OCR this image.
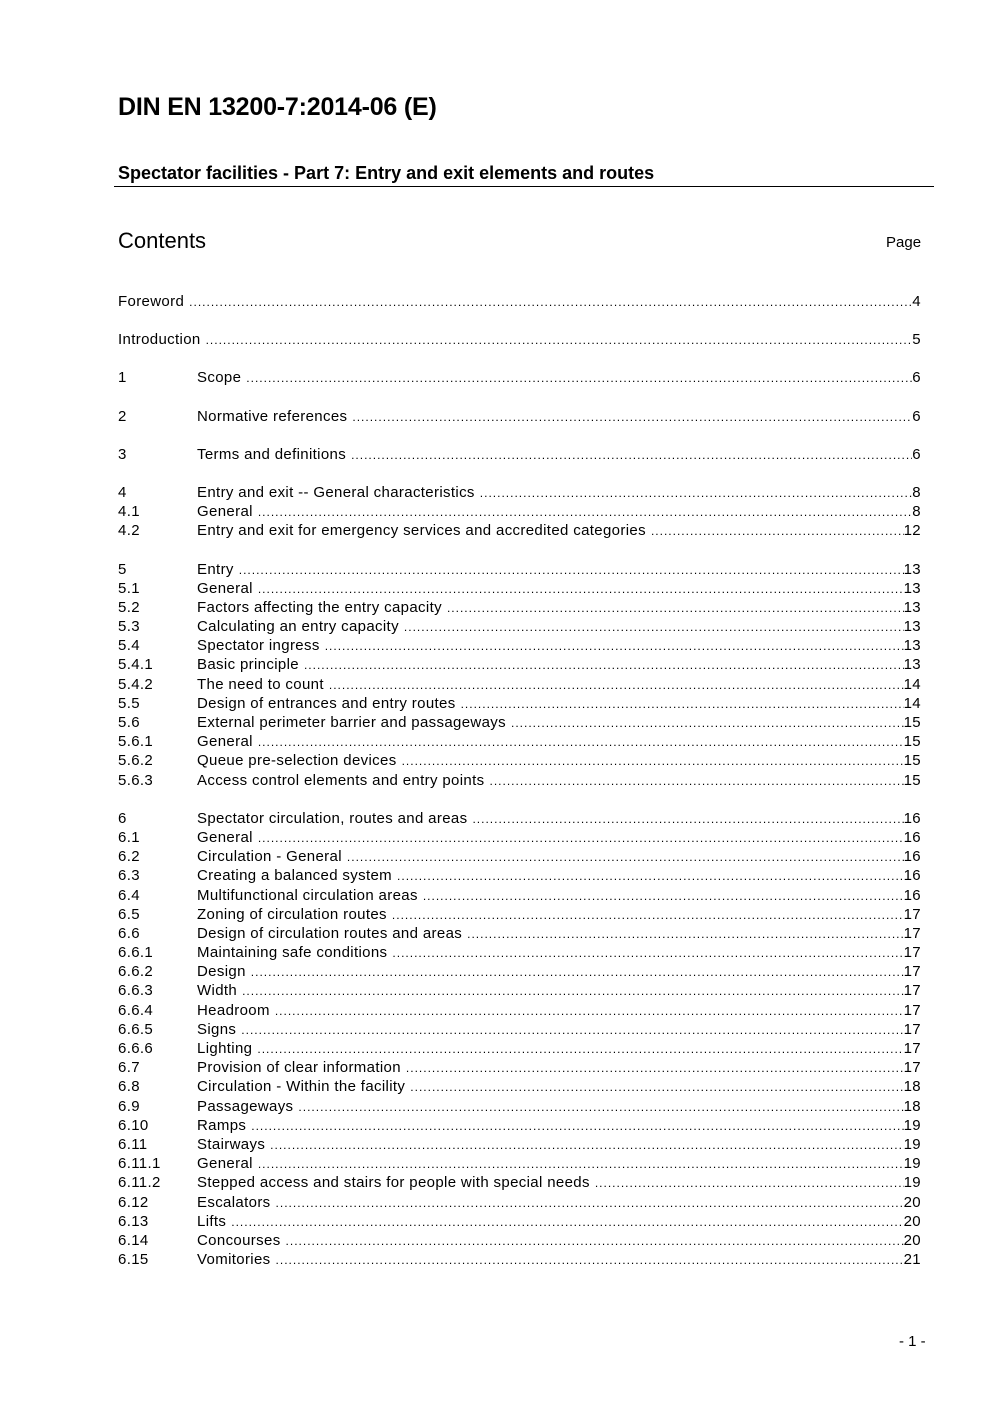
DIN EN 13200-7:2014-06 (E)
Spectator facilities - Part 7: Entry and exit elements and routes
Contents	Page
Foreword .....	4
Introduction .....	5
1	Scope .....	6
2	Normative references .....	6
3	Terms and definitions .....	6
4	Entry and exit -- General characteristics .....	8
4.1	General .....	8
4.2	Entry and exit for emergency services and accredited categories .....	12
5	Entry .....	13
5.1	General .....	13
5.2	Factors affecting the entry capacity .....	13
5.3	Calculating an entry capacity .....	13
5.4	Spectator ingress .....	13
5.4.1	Basic principle .....	13
5.4.2	The need to count .....	14
5.5	Design of entrances and entry routes .....	14
5.6	External perimeter barrier and passageways .....	15
5.6.1	General .....	15
5.6.2	Queue pre-selection devices .....	15
5.6.3	Access control elements and entry points .....	15
6	Spectator circulation, routes and areas .....	16
6.1	General .....	16
6.2	Circulation - General .....	16
6.3	Creating a balanced system .....	16
6.4	Multifunctional circulation areas .....	16
6.5	Zoning of circulation routes .....	17
6.6	Design of circulation routes and areas .....	17
6.6.1	Maintaining safe conditions .....	17
6.6.2	Design .....	17
6.6.3	Width .....	17
6.6.4	Headroom .....	17
6.6.5	Signs .....	17
6.6.6	Lighting .....	17
6.7	Provision of clear information .....	17
6.8	Circulation - Within the facility .....	18
6.9	Passageways .....	18
6.10	Ramps .....	19
6.11	Stairways .....	19
6.11.1	General .....	19
6.11.2	Stepped access and stairs for people with special needs .....	19
6.12	Escalators .....	20
6.13	Lifts .....	20
6.14	Concourses .....	20
6.15	Vomitories .....	21
- 1 -
